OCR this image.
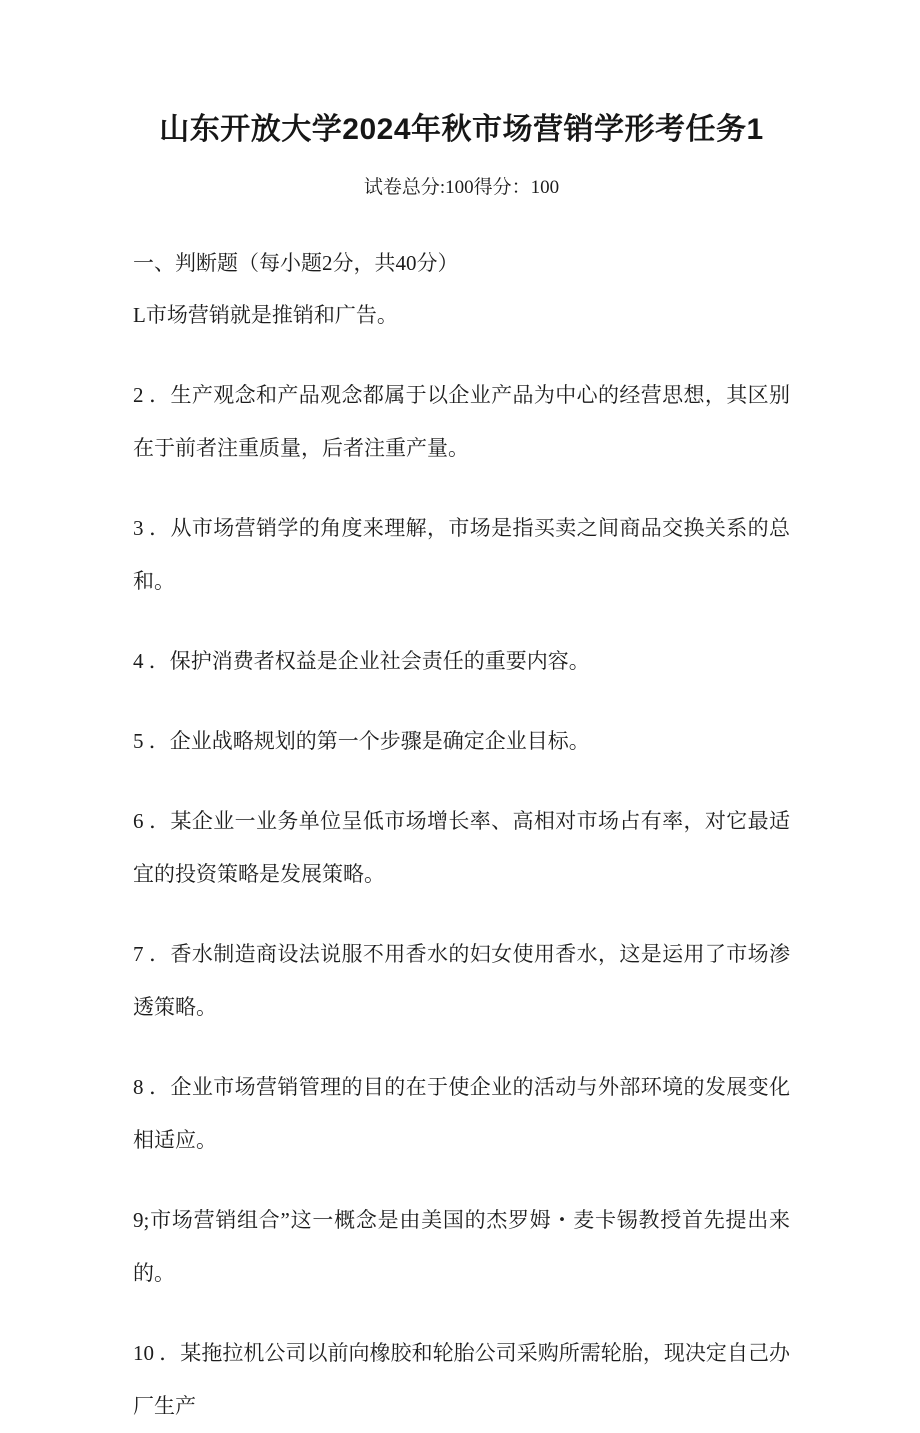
山东开放大学2024年秋市场营销学形考任务1
试卷总分:100得分：100
一、判断题（每小题2分，共40分）

L市场营销就是推销和广告。

2 ．生产观念和产品观念都属于以企业产品为中心的经营思想，其区别在于前者注重质量，后者注重产量。

3 ．从市场营销学的角度来理解，市场是指买卖之间商品交换关系的总和。

4 ．保护消费者权益是企业社会责任的重要内容。

5 ．企业战略规划的第一个步骤是确定企业目标。

6 ．某企业一业务单位呈低市场增长率、高相对市场占有率，对它最适宜的投资策略是发展策略。

7 ．香水制造商设法说服不用香水的妇女使用香水，这是运用了市场渗透策略。

8 ．企业市场营销管理的目的在于使企业的活动与外部环境的发展变化相适应。

9;市场营销组合”这一概念是由美国的杰罗姆・麦卡锡教授首先提出来的。

10 ．某拖拉机公司以前向橡胶和轮胎公司采购所需轮胎，现决定自己办厂生产
